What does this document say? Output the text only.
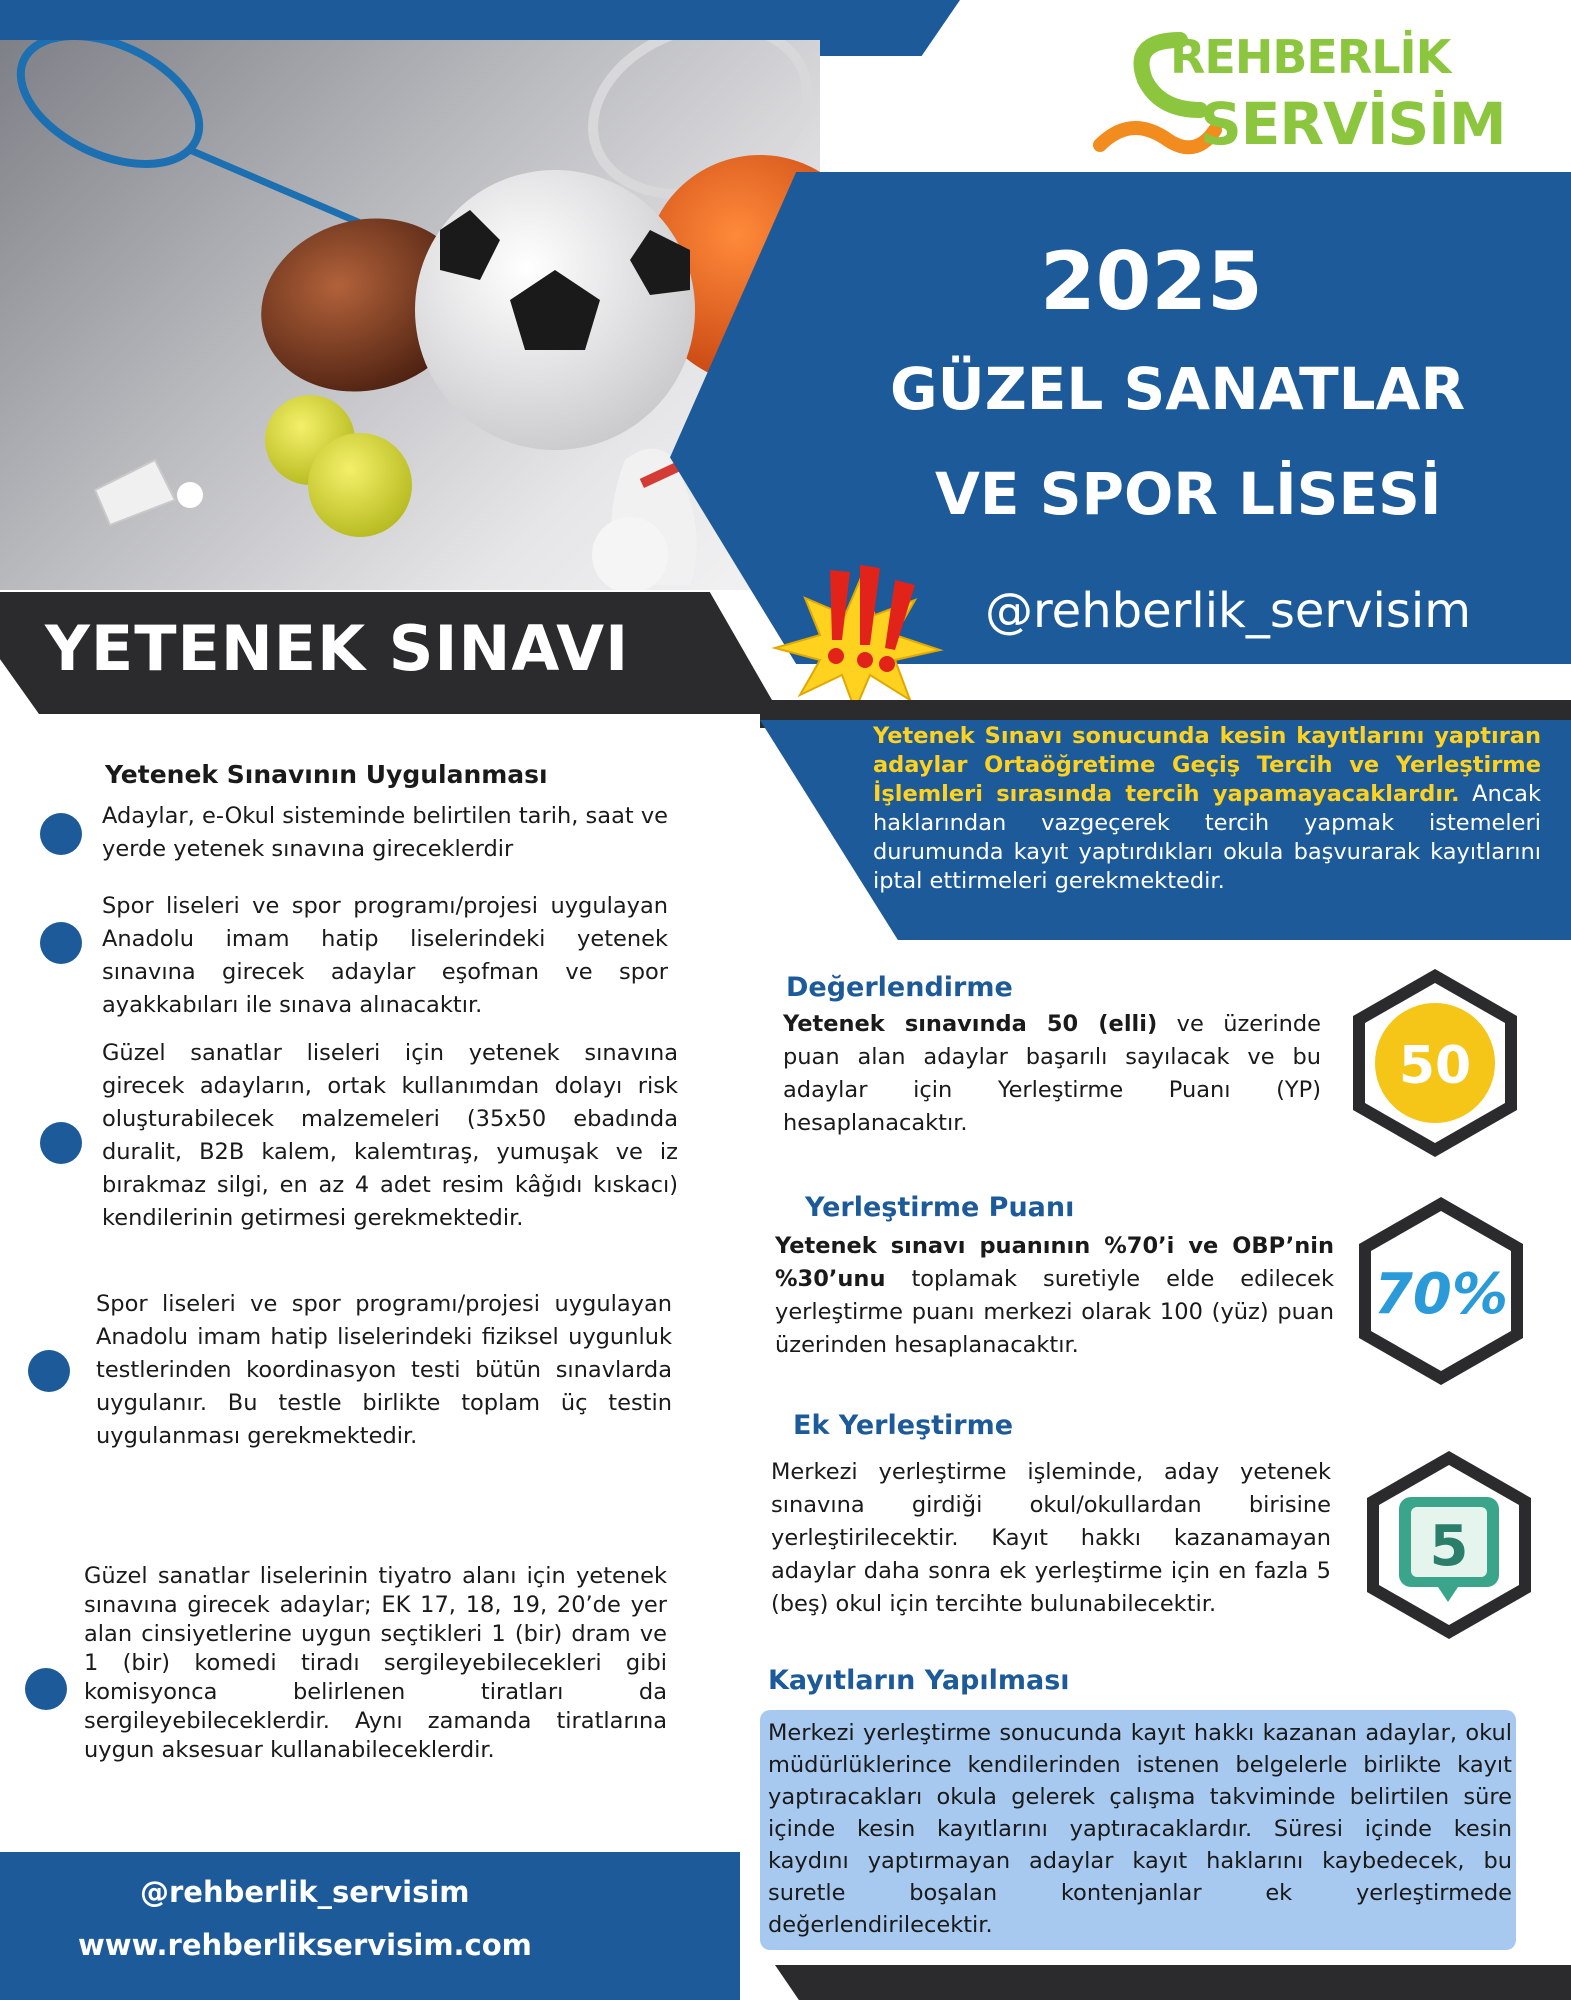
REHBERLİK
SERVİSİM
2025
GÜZEL SANATLAR
VE SPOR LİSESİ
@rehberlik_servisim
YETENEK SINAVI
Yetenek Sınavı sonucunda kesin kayıtlarını yaptıran adaylar Ortaöğretime Geçiş Tercih ve Yerleştirme İşlemleri sırasında tercih yapamayacaklardır. Ancak haklarından vazgeçerek tercih yapmak istemeleri durumunda kayıt yaptırdıkları okula başvurarak kayıtlarını iptal ettirmeleri gerekmektedir.
Yetenek Sınavının Uygulanması
Adaylar, e-Okul sisteminde belirtilen tarih, saat ve yerde yetenek sınavına gireceklerdir
Spor liseleri ve spor programı/projesi uygulayan Anadolu imam hatip liselerindeki yetenek sınavına girecek adaylar eşofman ve spor ayakkabıları ile sınava alınacaktır.
Güzel sanatlar liseleri için yetenek sınavına girecek adayların, ortak kullanımdan dolayı risk oluşturabilecek malzemeleri (35x50 ebadında duralit, B2B kalem, kalemtıraş, yumuşak ve iz bırakmaz silgi, en az 4 adet resim kâğıdı kıskacı) kendilerinin getirmesi gerekmektedir.
Spor liseleri ve spor programı/projesi uygulayan Anadolu imam hatip liselerindeki fiziksel uygunluk testlerinden koordinasyon testi bütün sınavlarda uygulanır. Bu testle birlikte toplam üç testin uygulanması gerekmektedir.
Güzel sanatlar liselerinin tiyatro alanı için yetenek sınavına girecek adaylar; EK 17, 18, 19, 20’de yer alan cinsiyetlerine uygun seçtikleri 1 (bir) dram ve 1 (bir) komedi tiradı sergileyebilecekleri gibi komisyonca belirlenen tiratları da sergileyebileceklerdir. Aynı zamanda tiratlarına uygun aksesuar kullanabileceklerdir.
Değerlendirme
Yetenek sınavında 50 (elli) ve üzerinde puan alan adaylar başarılı sayılacak ve bu adaylar için Yerleştirme Puanı (YP) hesaplanacaktır.
50
Yerleştirme Puanı
Yetenek sınavı puanının %70’i ve OBP’nin %30’unu toplamak suretiyle elde edilecek yerleştirme puanı merkezi olarak 100 (yüz) puan üzerinden hesaplanacaktır.
70%
Ek Yerleştirme
Merkezi yerleştirme işleminde, aday yetenek sınavına girdiği okul/okullardan birisine yerleştirilecektir. Kayıt hakkı kazanamayan adaylar daha sonra ek yerleştirme için en fazla 5 (beş) okul için tercihte bulunabilecektir.
5
Kayıtların Yapılması
Merkezi yerleştirme sonucunda kayıt hakkı kazanan adaylar, okul müdürlüklerince kendilerinden istenen belgelerle birlikte kayıt yaptıracakları okula gelerek çalışma takviminde belirtilen süre içinde kesin kayıtlarını yaptıracaklardır. Süresi içinde kesin kaydını yaptırmayan adaylar kayıt haklarını kaybedecek, bu suretle boşalan kontenjanlar ek yerleştirmede değerlendirilecektir.
@rehberlik_servisim
www.rehberlikservisim.com
